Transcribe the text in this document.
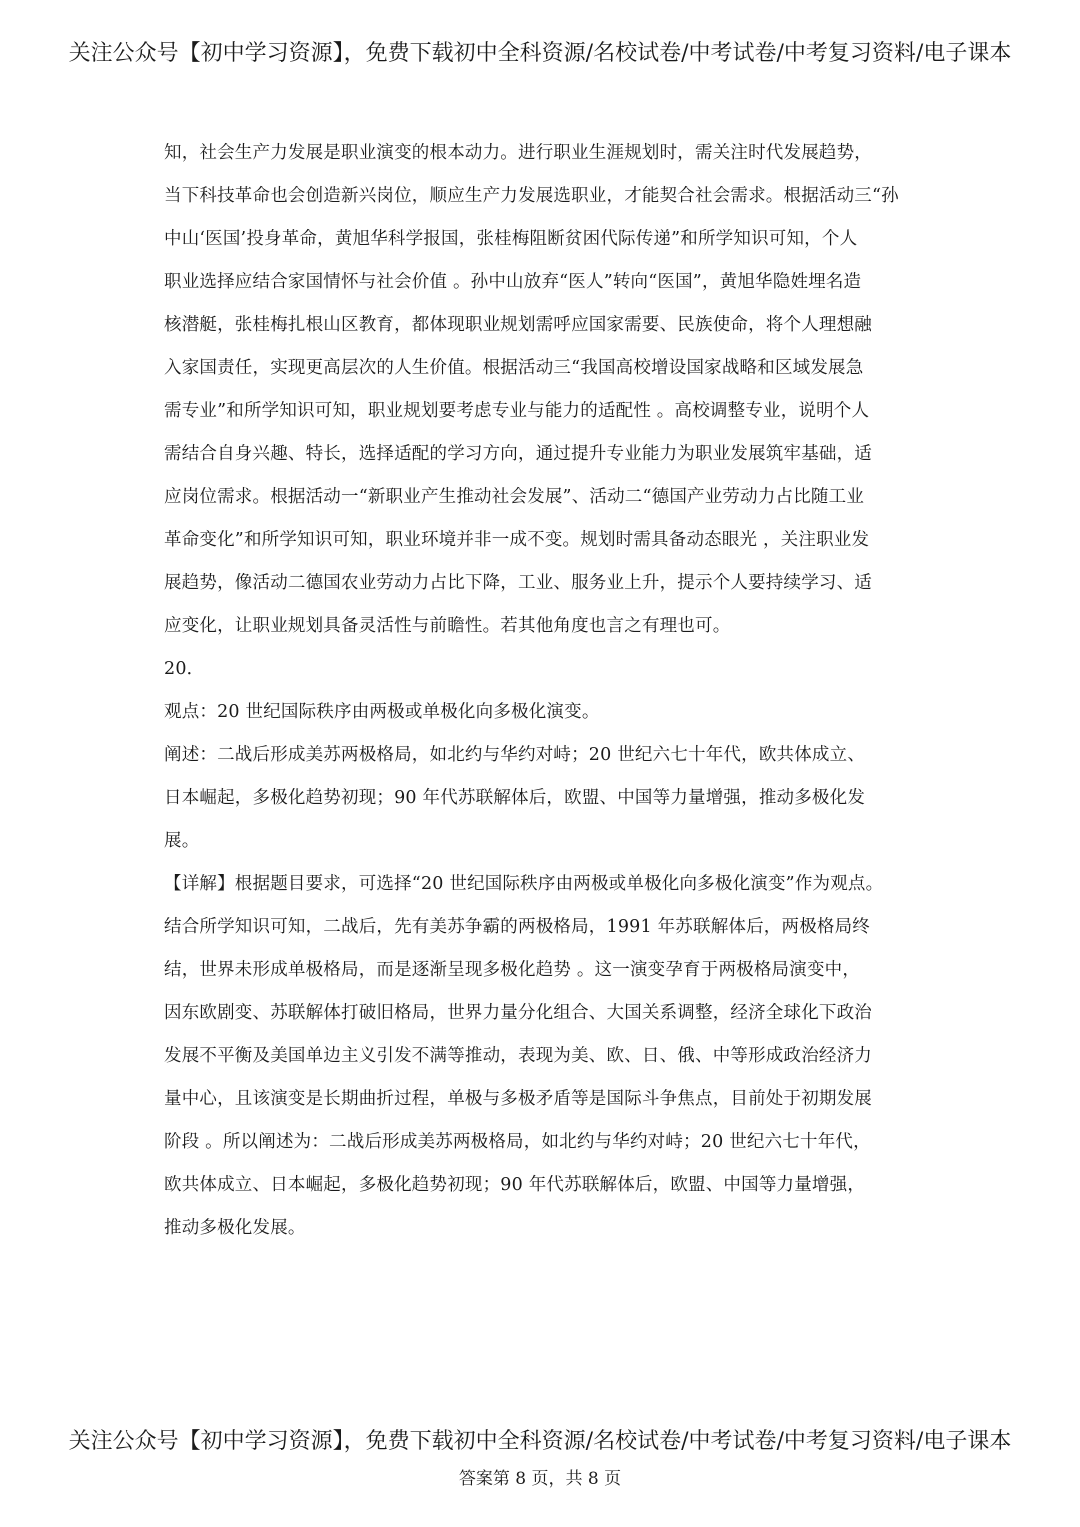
关注公众号【初中学习资源】，免费下载初中全科资源/名校试卷/中考试卷/中考复习资料/电子课本
知，社会生产力发展是职业演变的根本动力。进行职业生涯规划时，需关注时代发展趋势，
当下科技革命也会创造新兴岗位，顺应生产力发展选职业，才能契合社会需求。根据活动三“孙
中山‘医国’投身革命，黄旭华科学报国，张桂梅阻断贫困代际传递”和所学知识可知，个人
职业选择应结合家国情怀与社会价值 。孙中山放弃“医人”转向“医国”，黄旭华隐姓埋名造
核潜艇，张桂梅扎根山区教育，都体现职业规划需呼应国家需要、民族使命，将个人理想融
入家国责任，实现更高层次的人生价值。根据活动三“我国高校增设国家战略和区域发展急
需专业”和所学知识可知，职业规划要考虑专业与能力的适配性 。高校调整专业，说明个人
需结合自身兴趣、特长，选择适配的学习方向，通过提升专业能力为职业发展筑牢基础，适
应岗位需求。根据活动一“新职业产生推动社会发展”、活动二“德国产业劳动力占比随工业
革命变化”和所学知识可知，职业环境并非一成不变。规划时需具备动态眼光 ，关注职业发
展趋势，像活动二德国农业劳动力占比下降，工业、服务业上升，提示个人要持续学习、适
应变化，让职业规划具备灵活性与前瞻性。若其他角度也言之有理也可。
20．
观点：20 世纪国际秩序由两极或单极化向多极化演变。
阐述：二战后形成美苏两极格局，如北约与华约对峙；20 世纪六七十年代，欧共体成立、
日本崛起，多极化趋势初现；90 年代苏联解体后，欧盟、中国等力量增强，推动多极化发
展。
【详解】根据题目要求，可选择“20 世纪国际秩序由两极或单极化向多极化演变”作为观点。
结合所学知识可知，二战后，先有美苏争霸的两极格局，1991 年苏联解体后，两极格局终
结，世界未形成单极格局，而是逐渐呈现多极化趋势 。这一演变孕育于两极格局演变中，
因东欧剧变、苏联解体打破旧格局，世界力量分化组合、大国关系调整，经济全球化下政治
发展不平衡及美国单边主义引发不满等推动，表现为美、欧、日、俄、中等形成政治经济力
量中心，且该演变是长期曲折过程，单极与多极矛盾等是国际斗争焦点，目前处于初期发展
阶段 。所以阐述为：二战后形成美苏两极格局，如北约与华约对峙；20 世纪六七十年代，
欧共体成立、日本崛起，多极化趋势初现；90 年代苏联解体后，欧盟、中国等力量增强，
推动多极化发展。
关注公众号【初中学习资源】，免费下载初中全科资源/名校试卷/中考试卷/中考复习资料/电子课本
答案第 8 页，共 8 页
